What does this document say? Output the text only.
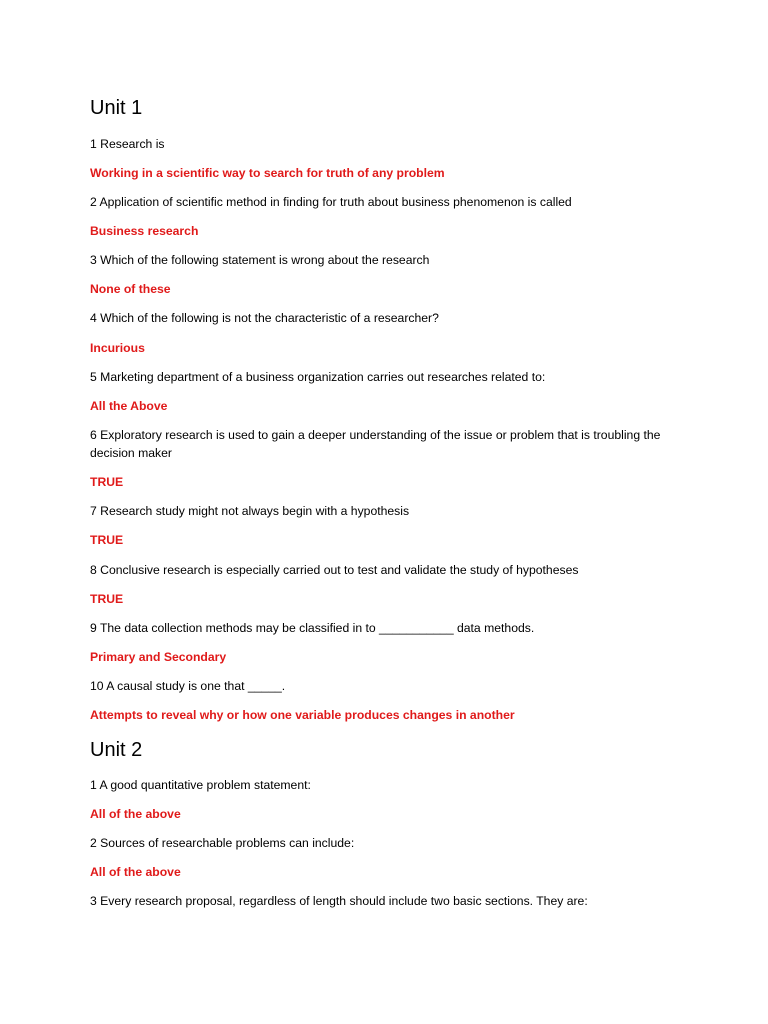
Unit 1

1 Research is

Working in a scientific way to search for truth of any problem

2 Application of scientific method in finding for truth about business phenomenon is called

Business research

3 Which of the following statement is wrong about the research

None of these

4 Which of the following is not the characteristic of a researcher?

Incurious

5 Marketing department of a business organization carries out researches related to:

All the Above

6 Exploratory research is used to gain a deeper understanding of the issue or problem that is troubling the decision maker

TRUE

7 Research study might not always begin with a hypothesis

TRUE

8 Conclusive research is especially carried out to test and validate the study of hypotheses

TRUE

9 The data collection methods may be classified in to ___________ data methods.

Primary and Secondary

10 A causal study is one that _____.

Attempts to reveal why or how one variable produces changes in another

Unit 2

1 A good quantitative problem statement:

All of the above

2 Sources of researchable problems can include:

All of the above

3 Every research proposal, regardless of length should include two basic sections. They are:
